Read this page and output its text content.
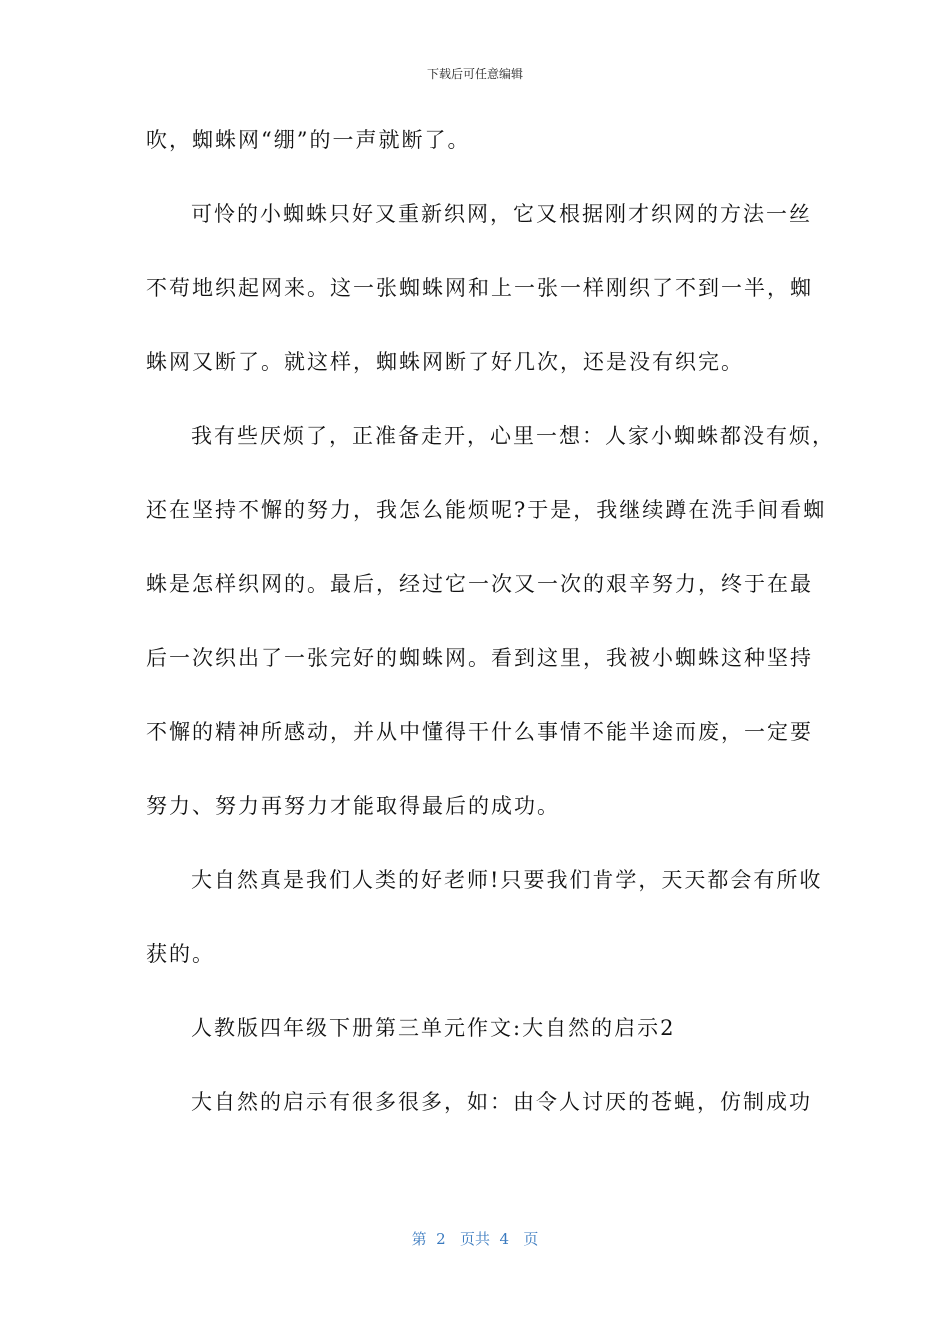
下载后可任意编辑
吹，蜘蛛网“绷”的一声就断了。
可怜的小蜘蛛只好又重新织网，它又根据刚才织网的方法一丝
不苟地织起网来。这一张蜘蛛网和上一张一样刚织了不到一半，蜘
蛛网又断了。就这样，蜘蛛网断了好几次，还是没有织完。
我有些厌烦了，正准备走开，心里一想：人家小蜘蛛都没有烦，
还在坚持不懈的努力，我怎么能烦呢?于是，我继续蹲在洗手间看蜘
蛛是怎样织网的。最后，经过它一次又一次的艰辛努力，终于在最
后一次织出了一张完好的蜘蛛网。看到这里，我被小蜘蛛这种坚持
不懈的精神所感动，并从中懂得干什么事情不能半途而废，一定要
努力、努力再努力才能取得最后的成功。
大自然真是我们人类的好老师!只要我们肯学，天天都会有所收
获的。
人教版四年级下册第三单元作文:大自然的启示2
大自然的启示有很多很多，如：由令人讨厌的苍蝇，仿制成功
第  2   页共  4   页
